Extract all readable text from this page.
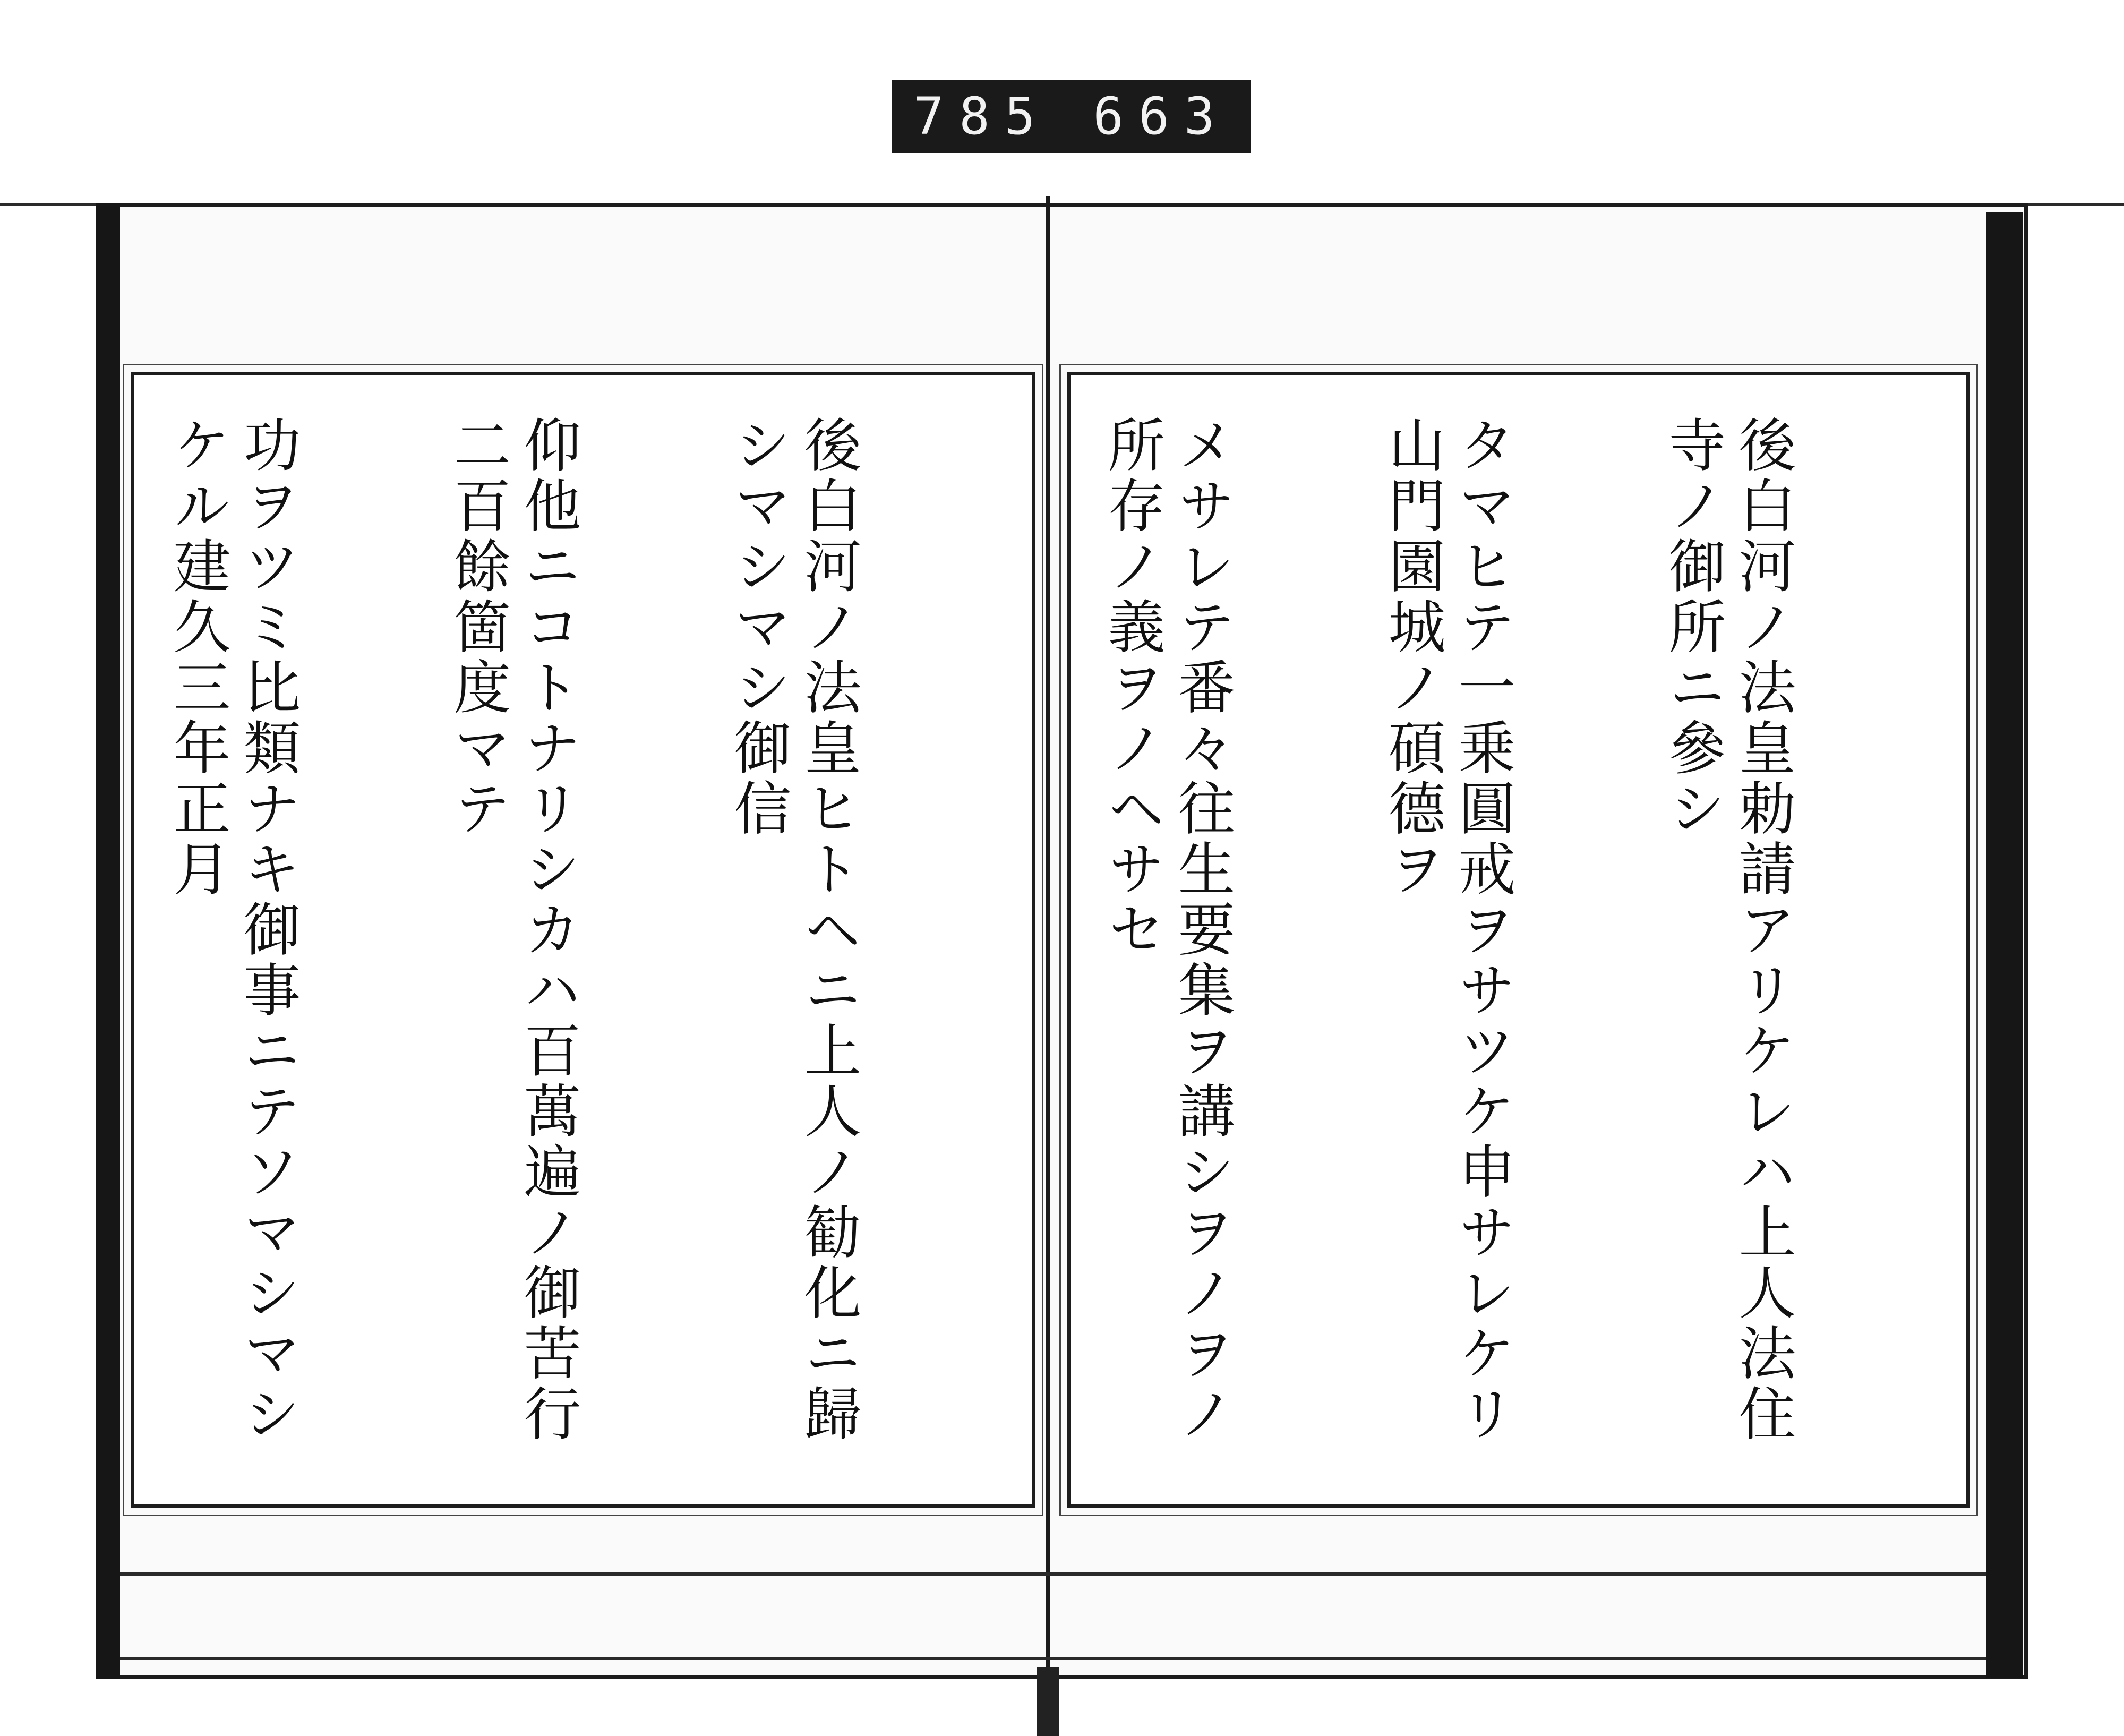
785 663

後白河ノ法皇ヒトヘニ上人ノ勧化ニ歸シマシマシ御信

仰他ニコトナリシカハ百萬遍ノ御苦行二百餘箇度マテ

功ヲツミ比類ナキ御事ニテソマシマシケル建久三年正月

	後白河ノ法皇勅請アリケレハ上人法住寺ノ御所ニ參シ

タマヒテ一乗圓戒ヲサツケ申サレケリ山門園城ノ碩德ヲ

メサレテ番々往生要集ヲ講シヲノヲノ所存ノ義ヲノヘサセ
